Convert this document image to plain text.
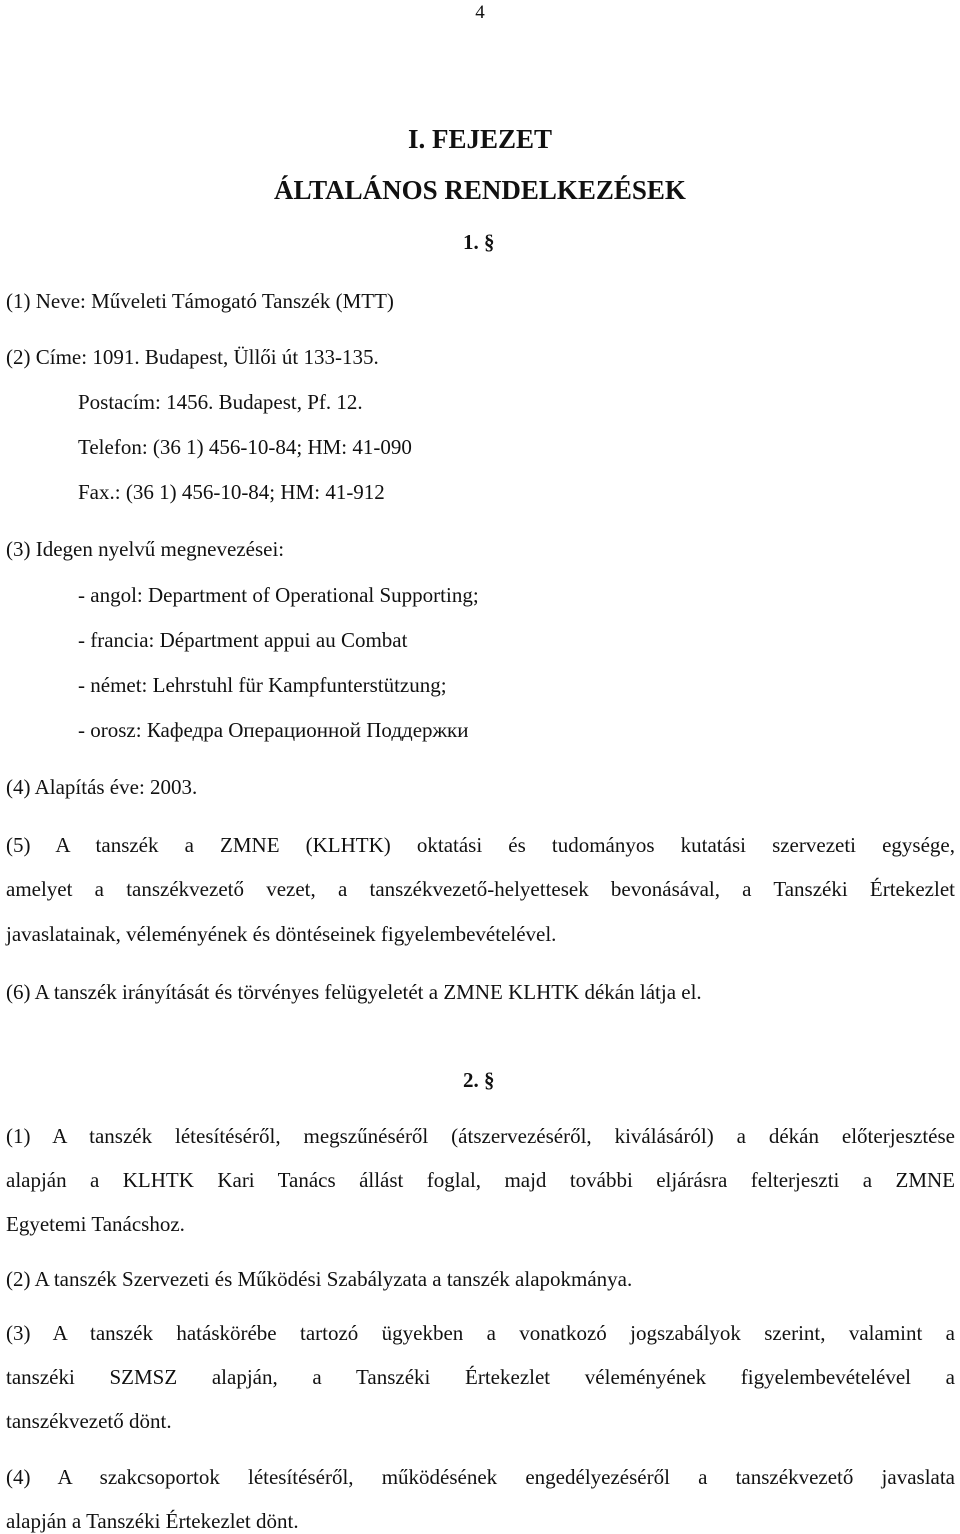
4
I. FEJEZET
ÁLTALÁNOS RENDELKEZÉSEK
1. §
(1) Neve: Műveleti Támogató Tanszék (MTT)
(2) Címe: 1091. Budapest, Üllői út 133-135.
Postacím: 1456. Budapest, Pf. 12.
Telefon: (36 1) 456-10-84; HM: 41-090
Fax.: (36 1) 456-10-84; HM: 41-912
(3) Idegen nyelvű megnevezései:
- angol: Department of Operational Supporting;
- francia: Départment appui au Combat
- német: Lehrstuhl für Kampfunterstützung;
- orosz: Кафедра Операционной Поддержки
(4) Alapítás éve: 2003.
(5) A tanszék a ZMNE (KLHTK) oktatási és tudományos kutatási szervezeti egysége,
amelyet a tanszékvezető vezet, a tanszékvezető-helyettesek bevonásával, a Tanszéki Értekezlet
javaslatainak, véleményének és döntéseinek figyelembevételével.
(6) A tanszék irányítását és törvényes felügyeletét a ZMNE KLHTK dékán látja el.
2. §
(1) A tanszék létesítéséről, megszűnéséről (átszervezéséről, kiválásáról) a dékán előterjesztése
alapján a KLHTK Kari Tanács állást foglal, majd további eljárásra felterjeszti a ZMNE
Egyetemi Tanácshoz.
(2) A tanszék Szervezeti és Működési Szabályzata a tanszék alapokmánya.
(3) A tanszék hatáskörébe tartozó ügyekben a vonatkozó jogszabályok szerint, valamint a
tanszéki SZMSZ alapján, a Tanszéki Értekezlet véleményének figyelembevételével a
tanszékvezető dönt.
(4) A szakcsoportok létesítéséről, működésének engedélyezéséről a tanszékvezető javaslata
alapján a Tanszéki Értekezlet dönt.
